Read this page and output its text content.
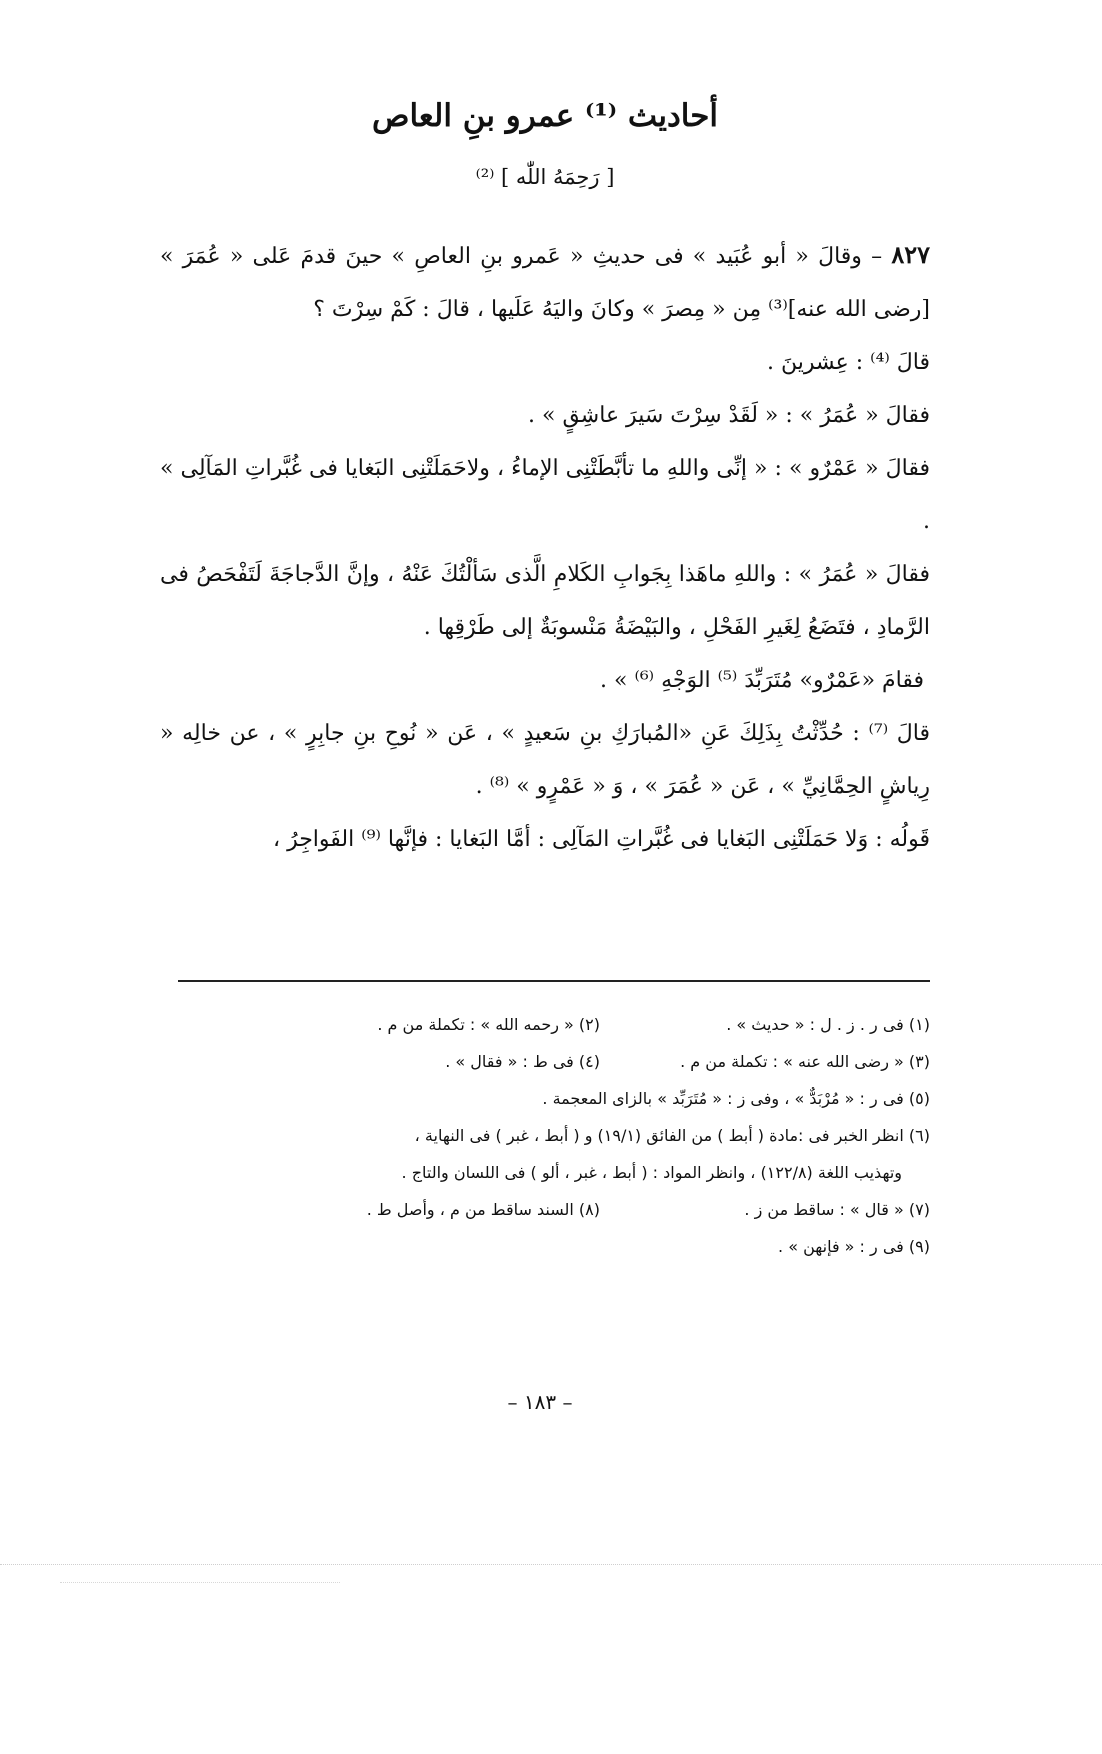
أحاديث ⁽¹⁾ عمرو بنِ العاص
[ رَحِمَهُ اللّٰه ] ⁽²⁾

٨٢٧ – وقالَ « أبو عُبَيد » فى حديثِ « عَمرو بنِ العاصِ » حينَ قدمَ عَلى « عُمَرَ » [رضى الله عنه]⁽³⁾ مِن « مِصرَ » وكانَ واليَهُ عَلَيها ، قالَ : كَمْ سِرْتَ ؟

قالَ ⁽⁴⁾ : عِشرينَ .

فقالَ « عُمَرُ » : « لَقَدْ سِرْتَ سَيرَ عاشِقٍ » .

فقالَ « عَمْرٌو » : « إنِّى واللهِ ما تأبَّطَتْنِى الإماءُ ، ولاحَمَلَتْنِى البَغايا فى غُبَّراتِ المَآلِى » .

فقالَ « عُمَرُ » : واللهِ ماهَذا بِجَوابِ الكَلامِ الَّذى سَألْتُكَ عَنْهُ ، وإنَّ الدَّجاجَةَ لَتَفْحَصُ فى الرَّمادِ ، فتَضَعُ لِغَيرِ الفَحْلِ ، والبَيْضَةُ مَنْسوبَةٌ إلى طَرْقِها .

فقامَ «عَمْرٌو» مُتَرَبِّدَ ⁽⁵⁾ الوَجْهِ ⁽⁶⁾ » .

قالَ ⁽⁷⁾ : حُدِّثْتُ بِذَلِكَ عَنِ «المُبارَكِ بنِ سَعيدٍ » ، عَن « نُوحِ بنِ جابِرٍ » ، عن خالِه « رِياشٍ الحِمَّانِيِّ » ، عَن « عُمَرَ » ، وَ « عَمْرٍو » ⁽⁸⁾ .

قَولُه : وَلا حَمَلَتْنِى البَغايا فى غُبَّراتِ المَآلِى : أمَّا البَغايا : فإنَّها ⁽⁹⁾ الفَواجِرُ ،

(١) فى ر . ز . ل : « حديث » .
(٢) « رحمه الله » : تكملة من م .
(٣) « رضى الله عنه » : تكملة من م .
(٤) فى ط : « فقال » .
(٥) فى ر : « مُرْبَدٌّ » ، وفى ز : « مُتَرَبِّد » بالزاى المعجمة .
(٦) انظر الخبر فى :مادة ( أبط ) من الفائق (١٩/١) و ( أبط ، غبر ) فى النهاية ،
وتهذيب اللغة (١٢٢/٨) ، وانظر المواد : ( أبط ، غبر ، ألو ) فى اللسان والتاج .
(٧) « قال » : ساقط من ز .
(٨) السند ساقط من م ، وأصل ط .
(٩) فى ر : « فإنهن » .
– ١٨٣ –
